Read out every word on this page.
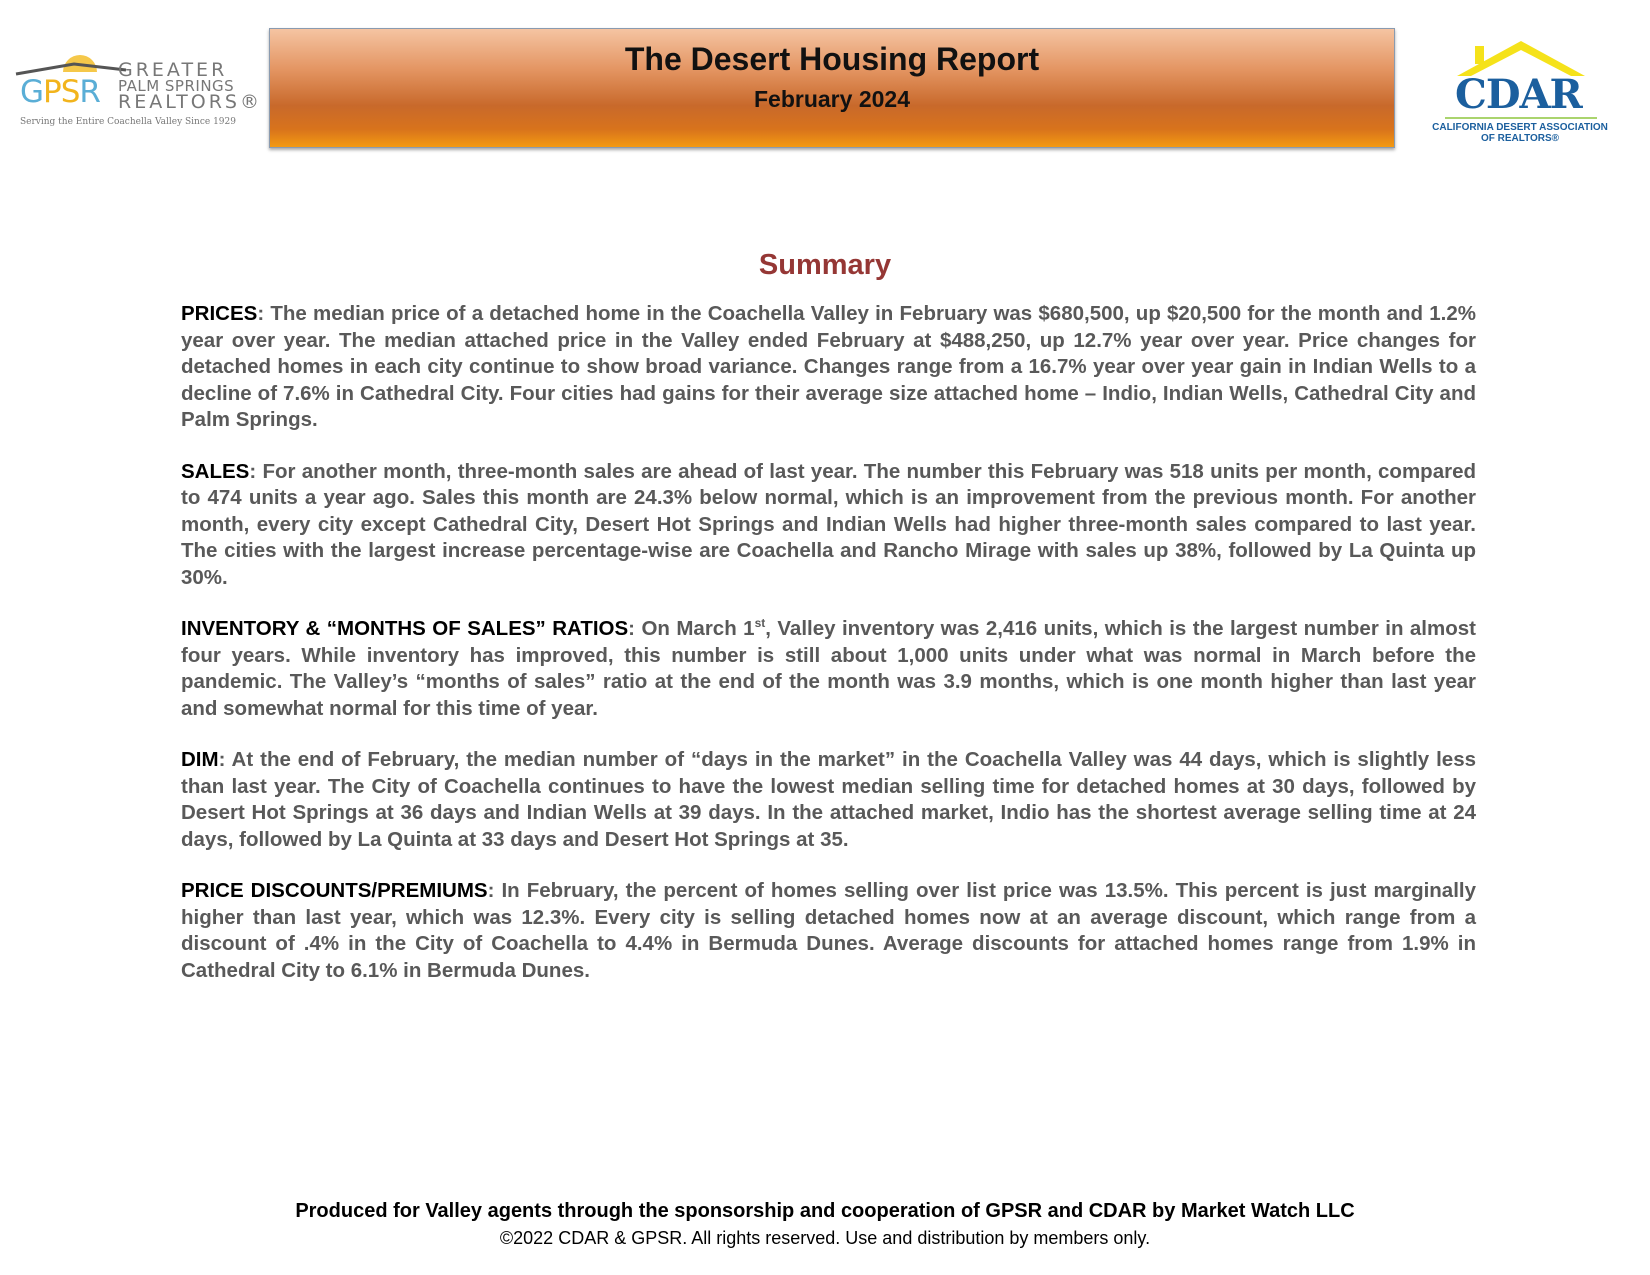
GPSR
GREATER
PALM SPRINGS
REALTORS®
Serving the Entire Coachella Valley Since 1929
The Desert Housing Report
February 2024	CDAR
CALIFORNIA DESERT ASSOCIATION
OF REALTORS®
Summary

PRICES: The median price of a detached home in the Coachella Valley in February was $680,500, up $20,500 for the month and 1.2% year over year. The median attached price in the Valley ended February at $488,250, up 12.7% year over year. Price changes for detached homes in each city continue to show broad variance. Changes range from a 16.7% year over year gain in Indian Wells to a decline of 7.6% in Cathedral City. Four cities had gains for their average size attached home – Indio, Indian Wells, Cathedral City and Palm Springs.

SALES: For another month, three-month sales are ahead of last year. The number this February was 518 units per month, compared to 474 units a year ago. Sales this month are 24.3% below normal, which is an improvement from the previous month. For another month, every city except Cathedral City, Desert Hot Springs and Indian Wells had higher three-month sales compared to last year. The cities with the largest increase percentage-wise are Coachella and Rancho Mirage with sales up 38%, followed by La Quinta up 30%.

INVENTORY & “MONTHS OF SALES” RATIOS: On March 1st, Valley inventory was 2,416 units, which is the largest number in almost four years. While inventory has improved, this number is still about 1,000 units under what was normal in March before the pandemic. The Valley’s “months of sales” ratio at the end of the month was 3.9 months, which is one month higher than last year and somewhat normal for this time of year.

DIM: At the end of February, the median number of “days in the market” in the Coachella Valley was 44 days, which is slightly less than last year. The City of Coachella continues to have the lowest median selling time for detached homes at 30 days, followed by Desert Hot Springs at 36 days and Indian Wells at 39 days. In the attached market, Indio has the shortest average selling time at 24 days, followed by La Quinta at 33 days and Desert Hot Springs at 35.

PRICE DISCOUNTS/PREMIUMS: In February, the percent of homes selling over list price was 13.5%. This percent is just marginally higher than last year, which was 12.3%. Every city is selling detached homes now at an average discount, which range from a discount of .4% in the City of Coachella to 4.4% in Bermuda Dunes. Average discounts for attached homes range from 1.9% in Cathedral City to 6.1% in Bermuda Dunes.

Produced for Valley agents through the sponsorship and cooperation of GPSR and CDAR by Market Watch LLC
©2022 CDAR & GPSR. All rights reserved. Use and distribution by members only.
